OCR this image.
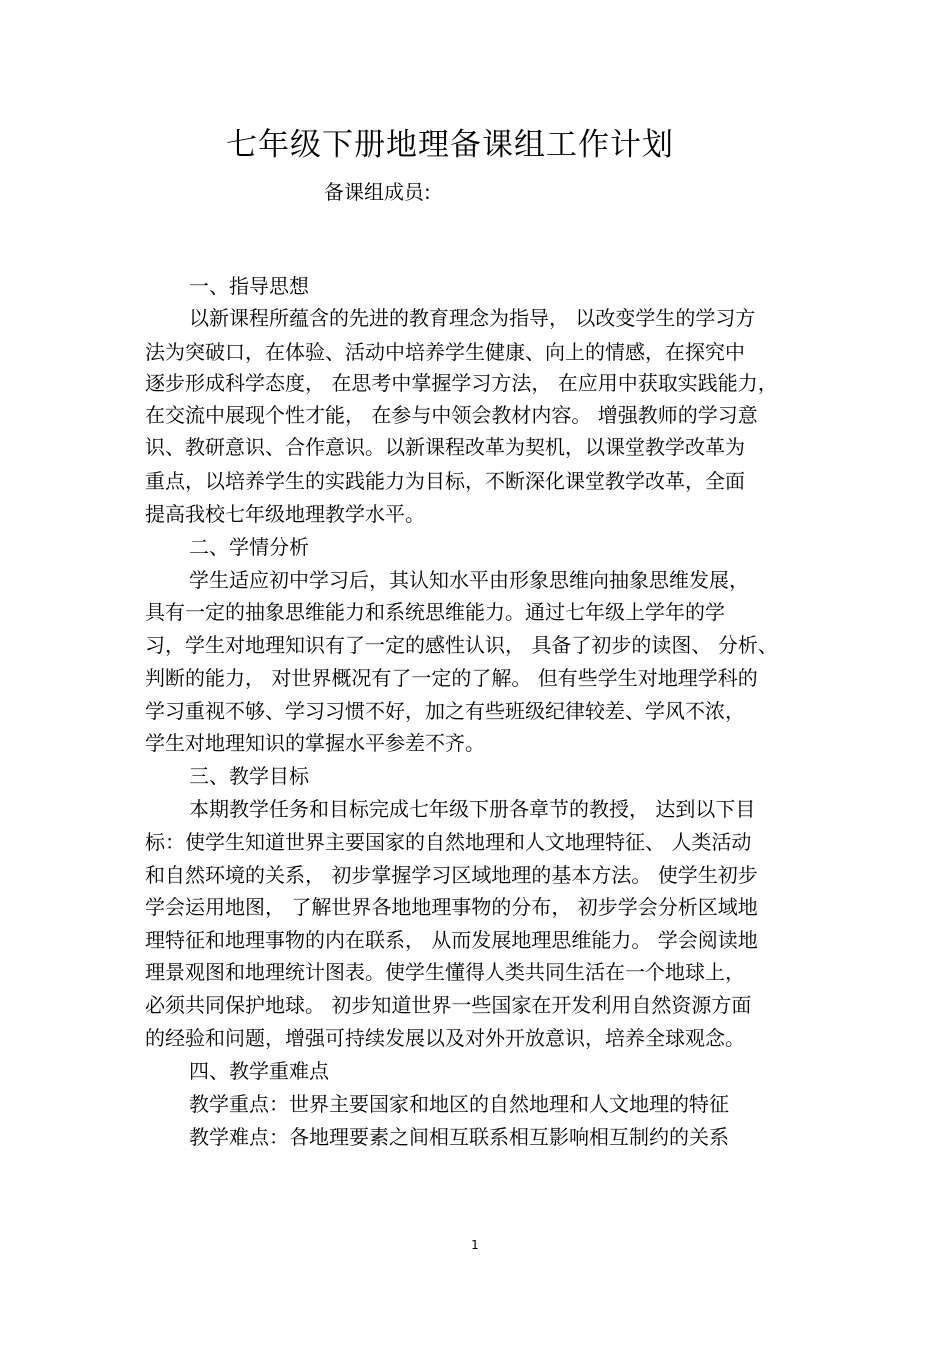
七年级下册地理备课组工作计划
备课组成员:
一、指导思想
以新课程所蕴含的先进的教育理念为指导， 以改变学生的学习方
法为突破口，在体验、活动中培养学生健康、向上的情感，在探究中
逐步形成科学态度， 在思考中掌握学习方法， 在应用中获取实践能力，
在交流中展现个性才能， 在参与中领会教材内容。 增强教师的学习意
识、教研意识、合作意识。以新课程改革为契机，以课堂教学改革为
重点，以培养学生的实践能力为目标，不断深化课堂教学改革，全面
提高我校七年级地理教学水平。
二、学情分析
学生适应初中学习后，其认知水平由形象思维向抽象思维发展，
具有一定的抽象思维能力和系统思维能力。通过七年级上学年的学
习，学生对地理知识有了一定的感性认识， 具备了初步的读图、 分析、
判断的能力， 对世界概况有了一定的了解。 但有些学生对地理学科的
学习重视不够、学习习惯不好，加之有些班级纪律较差、学风不浓，
学生对地理知识的掌握水平参差不齐。
三、教学目标
本期教学任务和目标完成七年级下册各章节的教授， 达到以下目
标：使学生知道世界主要国家的自然地理和人文地理特征、 人类活动
和自然环境的关系， 初步掌握学习区域地理的基本方法。 使学生初步
学会运用地图， 了解世界各地地理事物的分布， 初步学会分析区域地
理特征和地理事物的内在联系， 从而发展地理思维能力。 学会阅读地
理景观图和地理统计图表。使学生懂得人类共同生活在一个地球上，
必须共同保护地球。 初步知道世界一些国家在开发利用自然资源方面
的经验和问题，增强可持续发展以及对外开放意识，培养全球观念。
四、教学重难点
教学重点：世界主要国家和地区的自然地理和人文地理的特征
教学难点：各地理要素之间相互联系相互影响相互制约的关系
1
